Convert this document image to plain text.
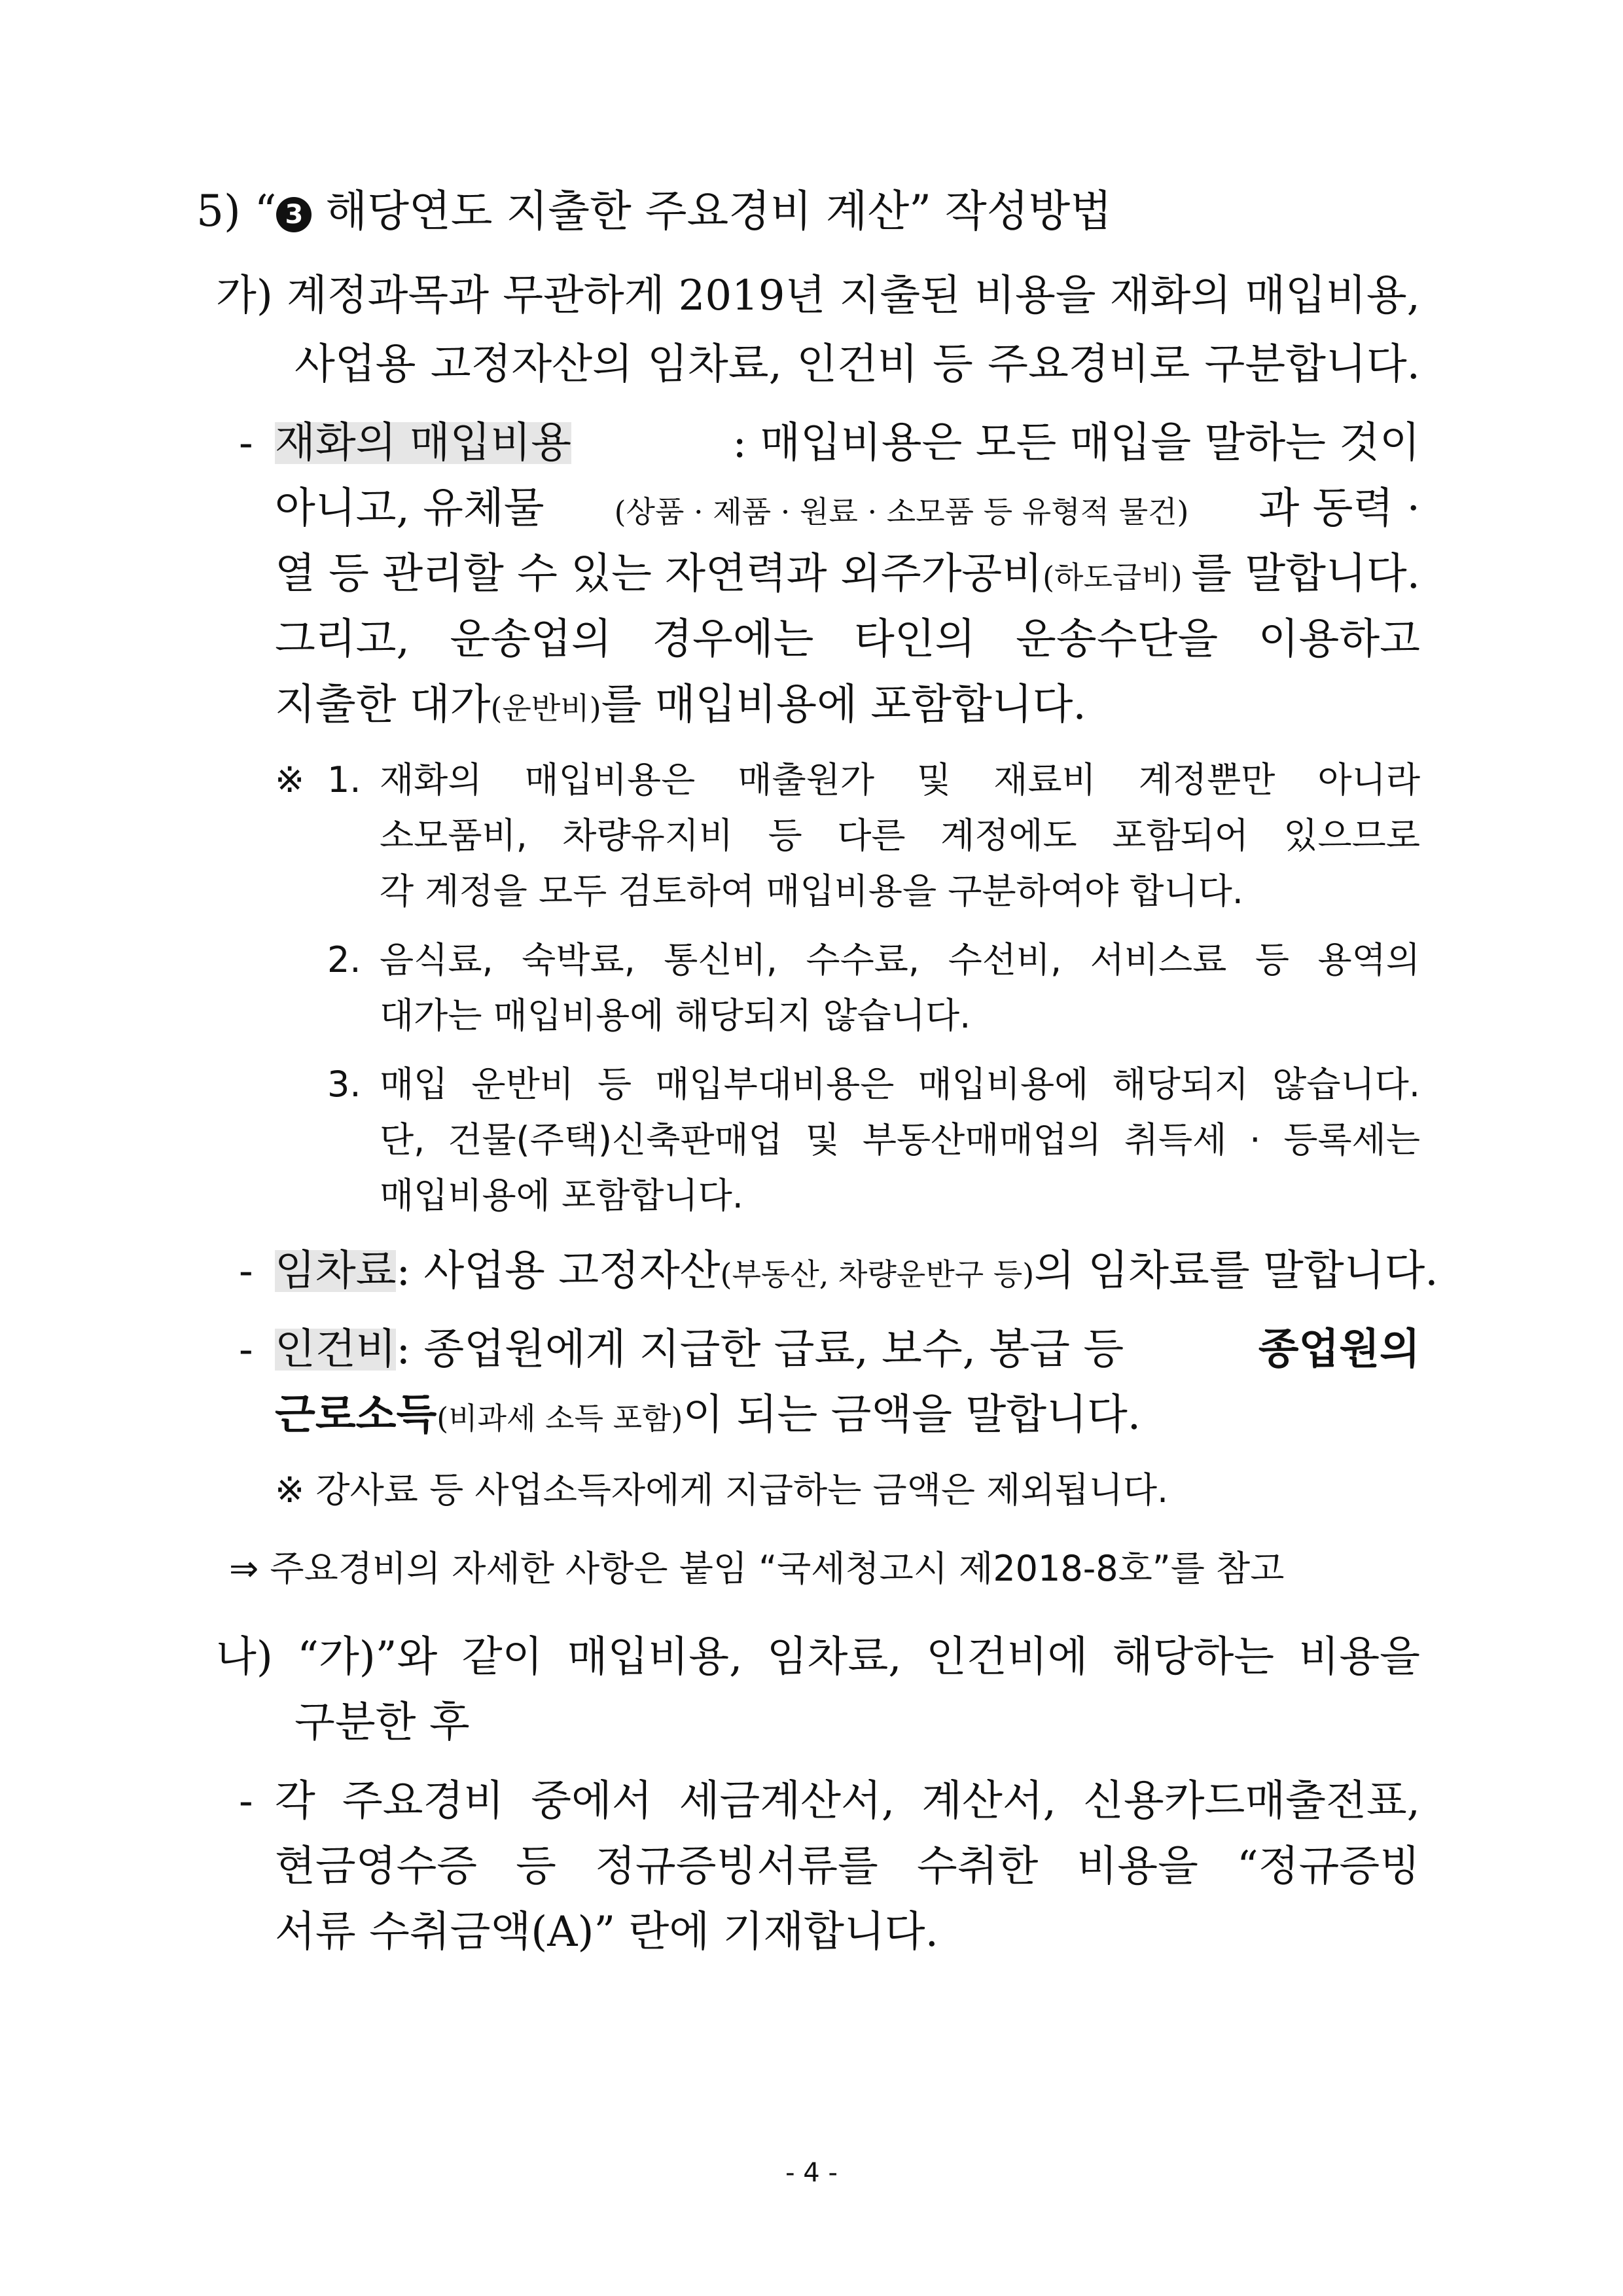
5) “ 3 해당연도 지출한 주요경비 계산” 작성방법
가) 계정과목과 무관하게 2019년 지출된 비용을 재화의 매입비용,
사업용 고정자산의 임차료, 인건비 등 주요경비로 구분합니다.
- 재화의 매입비용	: 매입비용은 모든 매입을 말하는 것이
아니고, 유체물 (상품 · 제품 · 원료 · 소모품 등 유형적 물건) 과 동력 ·
열 등 관리할 수 있는 자연력과 외주가공비 (하도급비) 를 말합니다.
그리고, 운송업의 경우에는 타인의 운송수단을 이용하고
지출한 대가(운반비)를 매입비용에 포함합니다.
※ 1. 재화의 매입비용은 매출원가 및 재료비 계정뿐만 아니라
소모품비, 차량유지비 등 다른 계정에도 포함되어 있으므로
각 계정을 모두 검토하여 매입비용을 구분하여야 합니다.
2. 음식료, 숙박료, 통신비, 수수료, 수선비, 서비스료 등 용역의
대가는 매입비용에 해당되지 않습니다.
3. 매입 운반비 등 매입부대비용은 매입비용에 해당되지 않습니다.
단, 건물(주택)신축판매업 및 부동산매매업의 취득세 · 등록세는
매입비용에 포함합니다.
- 임차료 : 사업용 고정자산 (부동산, 차량운반구 등) 의 임차료를 말합니다.
- 인건비 : 종업원에게 지급한 급료, 보수, 봉급 등	종업원의
근로소득 (비과세 소득 포함) 이 되는 금액을 말합니다.
※ 강사료 등 사업소득자에게 지급하는 금액은 제외됩니다.
⇒ 주요경비의 자세한 사항은 붙임 “국세청고시 제2018-8호”를 참고
나) “가)”와 같이 매입비용, 임차료, 인건비에 해당하는 비용을
구분한 후
- 각 주요경비 중에서 세금계산서, 계산서, 신용카드매출전표,
현금영수증 등 정규증빙서류를 수취한 비용을 “정규증빙
서류 수취금액(A)” 란에 기재합니다.
- 4 -
